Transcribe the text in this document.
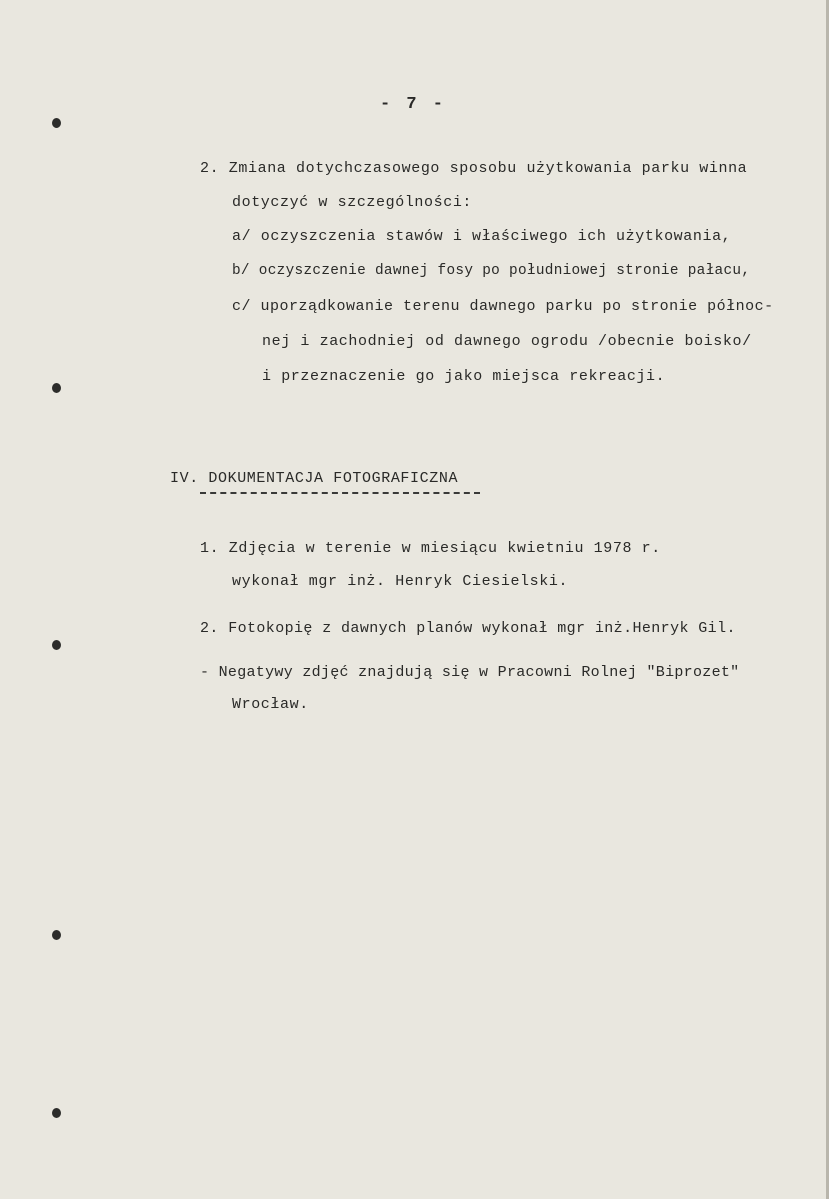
- 7 -
2. Zmiana dotychczasowego sposobu użytkowania parku winna
dotyczyć w szczególności:
a/ oczyszczenia stawów i właściwego ich użytkowania,
b/ oczyszczenie dawnej fosy po południowej stronie pałacu,
c/ uporządkowanie terenu dawnego parku po stronie północ-
nej i zachodniej od dawnego ogrodu /obecnie boisko/
i przeznaczenie go jako miejsca rekreacji.
IV. DOKUMENTACJA FOTOGRAFICZNA
1. Zdjęcia w terenie w miesiącu kwietniu 1978 r.
wykonał mgr inż. Henryk Ciesielski.
2. Fotokopię z dawnych planów wykonał mgr inż.Henryk Gil.
- Negatywy zdjęć znajdują się w Pracowni Rolnej "Biprozet"
Wrocław.
